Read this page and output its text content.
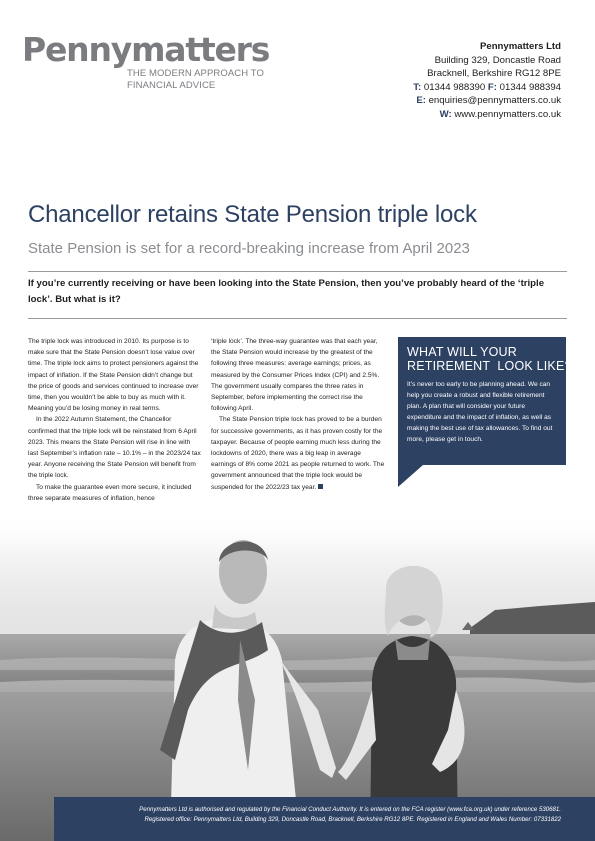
Pennymatters
THE MODERN APPROACH TO
FINANCIAL ADVICE
Pennymatters Ltd
Building 329, Doncastle Road
Bracknell, Berkshire RG12 8PE
T: 01344 988390 F: 01344 988394
E: enquiries@pennymatters.co.uk
W: www.pennymatters.co.uk
Chancellor retains State Pension triple lock
State Pension is set for a record-breaking increase from April 2023
If you’re currently receiving or have been looking into the State Pension, then you’ve probably heard of the ‘triple lock’. But what is it?

The triple lock was introduced in 2010. Its purpose is to make sure that the State Pension doesn’t lose value over time. The triple lock aims to protect pensioners against the impact of inflation. If the State Pension didn’t change but the price of goods and services continued to increase over time, then you wouldn’t be able to buy as much with it. Meaning you’d be losing money in real terms.

In the 2022 Autumn Statement, the Chancellor confirmed that the triple lock will be reinstated from 6 April 2023. This means the State Pension will rise in line with last September’s inflation rate – 10.1% – in the 2023/24 tax year. Anyone receiving the State Pension will benefit from the triple lock.

To make the guarantee even more secure, it included three separate measures of inflation, hence

‘triple lock’. The three-way guarantee was that each year, the State Pension would increase by the greatest of the following three measures: average earnings; prices, as measured by the Consumer Prices Index (CPI) and 2.5%. The government usually compares the three rates in September, before implementing the correct rise the following April.

The State Pension triple lock has proved to be a burden for successive governments, as it has proven costly for the taxpayer. Because of people earning much less during the lockdowns of 2020, there was a big leap in average earnings of 8% come 2021 as people returned to work. The government announced that the triple lock would be suspended for the 2022/23 tax year.

WHAT WILL YOUR
RETIREMENT  LOOK LIKE?
It’s never too early to be planning ahead. We can help you create a robust and flexible retirement plan. A plan that will consider your future expenditure and the impact of inflation, as well as making the best use of tax allowances. To find out more, please get in touch.
Pennymatters Ltd is authorised and regulated by the Financial Conduct Authority. It is entered on the FCA register (www.fca.org.uk) under reference 530681.
Registered office: Pennymatters Ltd, Building 329, Doncastle Road, Bracknell, Berkshire RG12 8PE. Registered in England and Wales Number: 07331822
